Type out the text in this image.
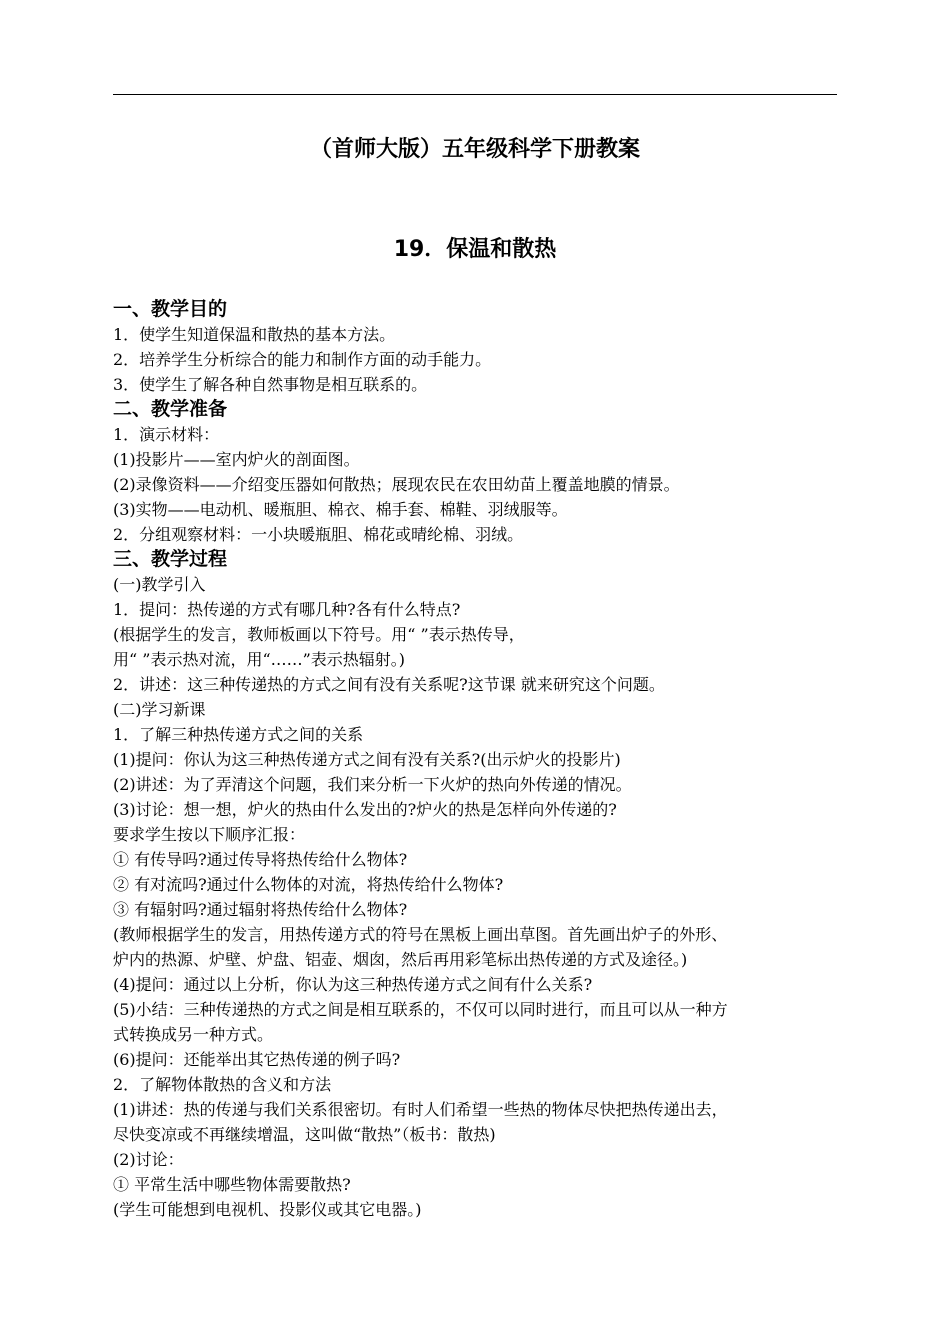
（首师大版）五年级科学下册教案
19．保温和散热
一、教学目的
1．使学生知道保温和散热的基本方法。
2．培养学生分析综合的能力和制作方面的动手能力。
3．使学生了解各种自然事物是相互联系的。
二、教学准备
1．演示材料：
(1)投影片——室内炉火的剖面图。
(2)录像资料——介绍变压器如何散热；展现农民在农田幼苗上覆盖地膜的情景。
(3)实物——电动机、暖瓶胆、棉衣、棉手套、棉鞋、羽绒服等。
2．分组观察材料：一小块暖瓶胆、棉花或晴纶棉、羽绒。
三、教学过程
(一)教学引入
1．提问：热传递的方式有哪几种?各有什么特点?
(根据学生的发言，教师板画以下符号。用“ ”表示热传导，
用“ ”表示热对流，用“……”表示热辐射。)
2．讲述：这三种传递热的方式之间有没有关系呢?这节课 就来研究这个问题。
(二)学习新课
1．了解三种热传递方式之间的关系
(1)提问：你认为这三种热传递方式之间有没有关系?(出示炉火的投影片)
(2)讲述：为了弄清这个问题，我们来分析一下火炉的热向外传递的情况。
(3)讨论：想一想，炉火的热由什么发出的?炉火的热是怎样向外传递的?
要求学生按以下顺序汇报：
① 有传导吗?通过传导将热传给什么物体?
② 有对流吗?通过什么物体的对流，将热传给什么物体?
③ 有辐射吗?通过辐射将热传给什么物体?
(教师根据学生的发言，用热传递方式的符号在黑板上画出草图。首先画出炉子的外形、
炉内的热源、炉壁、炉盘、铝壶、烟囱，然后再用彩笔标出热传递的方式及途径。)
(4)提问：通过以上分析，你认为这三种热传递方式之间有什么关系?
(5)小结：三种传递热的方式之间是相互联系的，不仅可以同时进行，而且可以从一种方
式转换成另一种方式。
(6)提问：还能举出其它热传递的例子吗?
2．了解物体散热的含义和方法
(1)讲述：热的传递与我们关系很密切。有时人们希望一些热的物体尽快把热传递出去，
尽快变凉或不再继续增温，这叫做“散热”（板书：散热)
(2)讨论：
① 平常生活中哪些物体需要散热?
(学生可能想到电视机、投影仪或其它电器。)
